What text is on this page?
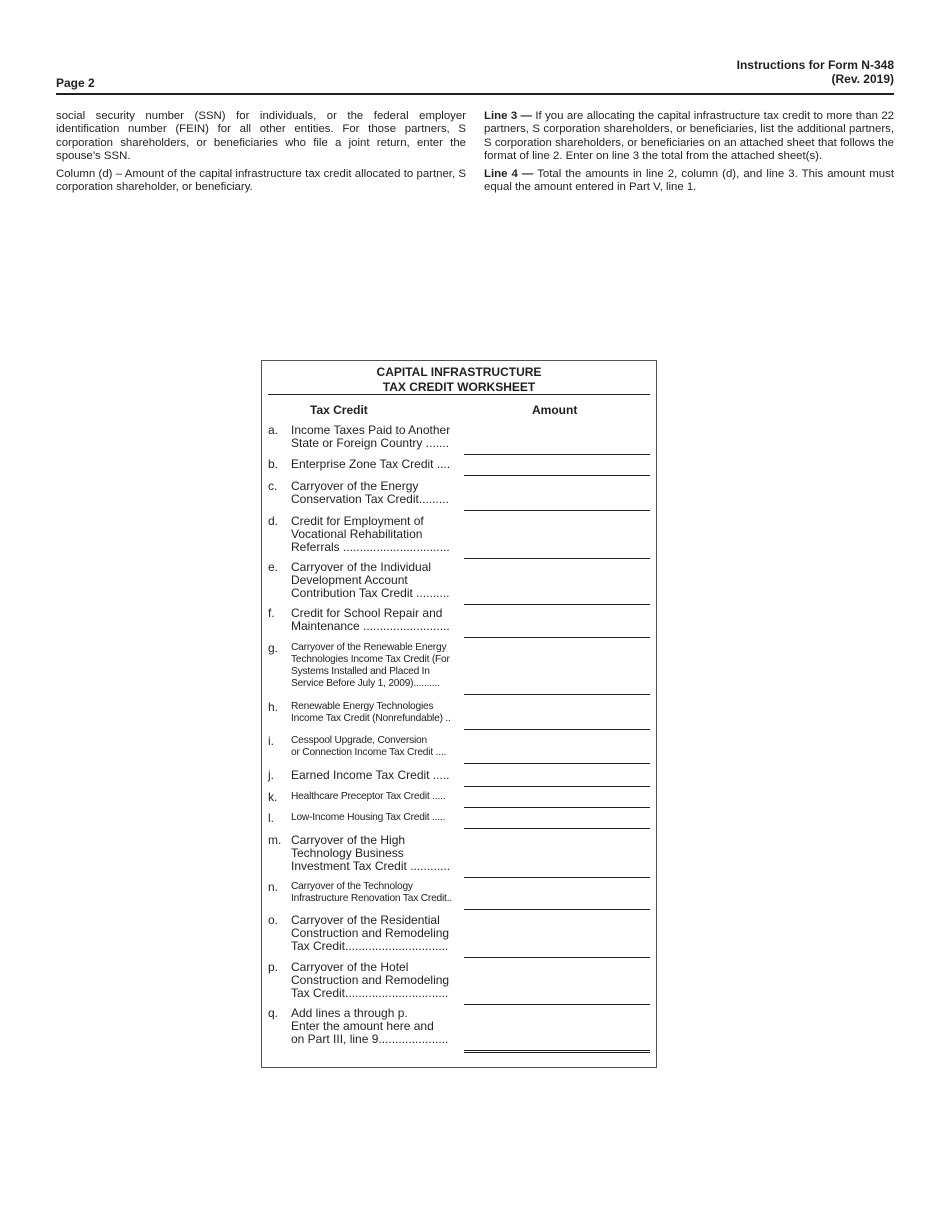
Page 2
Instructions for Form N-348
(Rev. 2019)

social security number (SSN) for individuals, or the federal employer identification number (FEIN) for all other entities. For those partners, S corporation shareholders, or beneficiaries who file a joint return, enter the spouse’s SSN.

Column (d) – Amount of the capital infrastructure tax credit allocated to partner, S corporation shareholder, or beneficiary.

Line 3 — If you are allocating the capital infrastructure tax credit to more than 22 partners, S corporation shareholders, or beneficiaries, list the additional partners, S corporation shareholders, or beneficiaries on an attached sheet that follows the format of line 2. Enter on line 3 the total from the attached sheet(s).

Line 4 — Total the amounts in line 2, column (d), and line 3. This amount must equal the amount entered in Part V, line 1.

CAPITAL INFRASTRUCTURE
TAX CREDIT WORKSHEET
Tax Credit	Amount
a. Income Taxes Paid to Another
State or Foreign Country .......
b. Enterprise Zone Tax Credit ....
c. Carryover of the Energy
Conservation Tax Credit.........
d. Credit for Employment of
Vocational Rehabilitation
Referrals ................................
e. Carryover of the Individual
Development Account
Contribution Tax Credit ..........
f. Credit for School Repair and
Maintenance ..........................
g. Carryover of the Renewable Energy
Technologies Income Tax Credit (For
Systems Installed and Placed In
Service Before July 1, 2009)..........
h. Renewable Energy Technologies
Income Tax Credit (Nonrefundable) ..
i. Cesspool Upgrade, Conversion
or Connection Income Tax Credit ....
j. Earned Income Tax Credit .....
k. Healthcare Preceptor Tax Credit .....
l. Low-Income Housing Tax Credit .....
m. Carryover of the High
Technology Business
Investment Tax Credit ............
n. Carryover of the Technology
Infrastructure Renovation Tax Credit..
o. Carryover of the Residential
Construction and Remodeling
Tax Credit...............................
p. Carryover of the Hotel
Construction and Remodeling
Tax Credit...............................
q. Add lines a through p.
Enter the amount here and
on Part III, line 9.....................
